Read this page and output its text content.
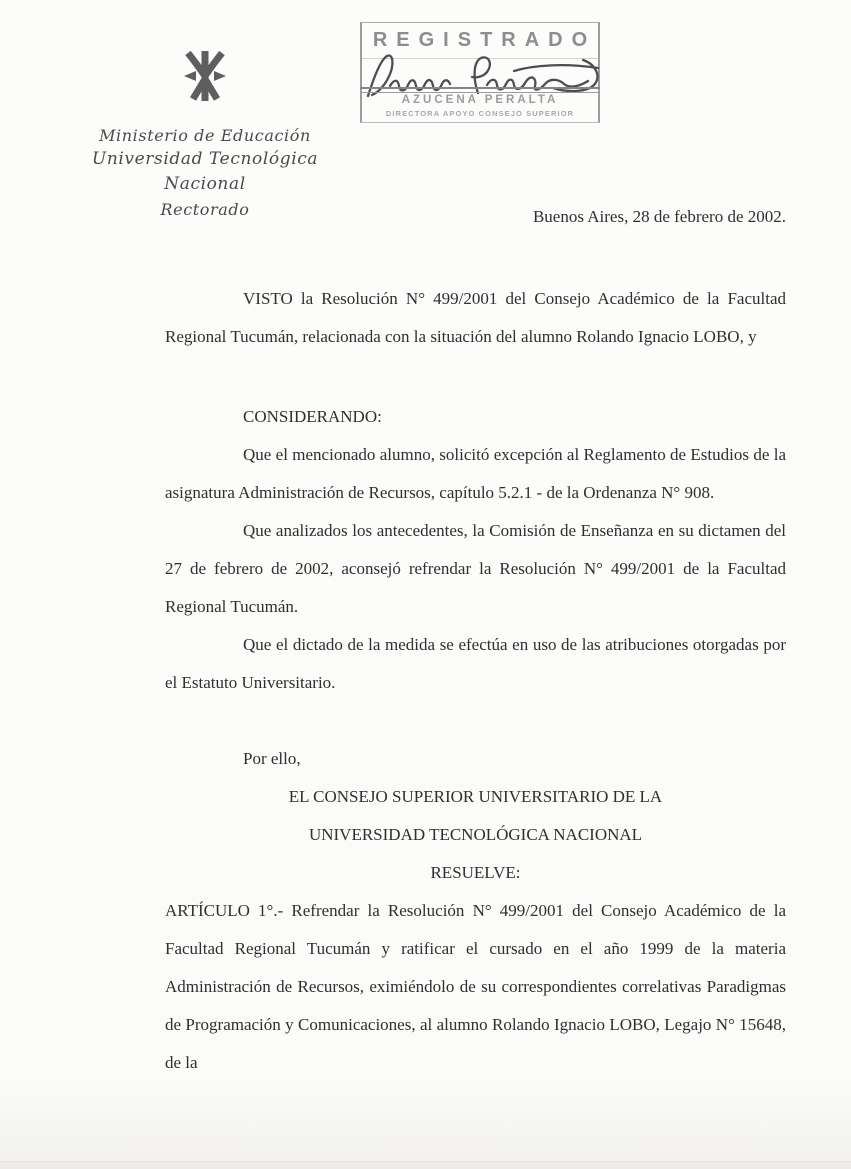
Ministerio de Educación
Universidad Tecnológica Nacional
Rectorado
REGISTRADO
AZUCENA PERALTA
DIRECTORA APOYO CONSEJO SUPERIOR
Buenos Aires, 28 de febrero de 2002.

VISTO la Resolución N° 499/2001 del Consejo Académico de la Facultad Regional Tucumán, relacionada con la situación del alumno Rolando Ignacio LOBO, y

CONSIDERANDO:

Que el mencionado alumno, solicitó excepción al Reglamento de Estudios de la asignatura Administración de Recursos, capítulo 5.2.1 - de la Ordenanza N° 908.

Que analizados los antecedentes, la Comisión de Enseñanza en su dictamen del 27 de febrero de 2002, aconsejó refrendar la Resolución N° 499/2001 de la Facultad Regional Tucumán.

Que el dictado de la medida se efectúa en uso de las atribuciones otorgadas por el Estatuto Universitario.

Por ello,

EL CONSEJO SUPERIOR UNIVERSITARIO DE LA

UNIVERSIDAD TECNOLÓGICA NACIONAL

RESUELVE:

ARTÍCULO 1°.- Refrendar la Resolución N° 499/2001 del Consejo Académico de la Facultad Regional Tucumán y ratificar el cursado en el año 1999 de la materia Administración de Recursos, eximiéndolo de su correspondientes correlativas Paradigmas de Programación y Comunicaciones, al alumno Rolando Ignacio LOBO, Legajo N° 15648, de la
